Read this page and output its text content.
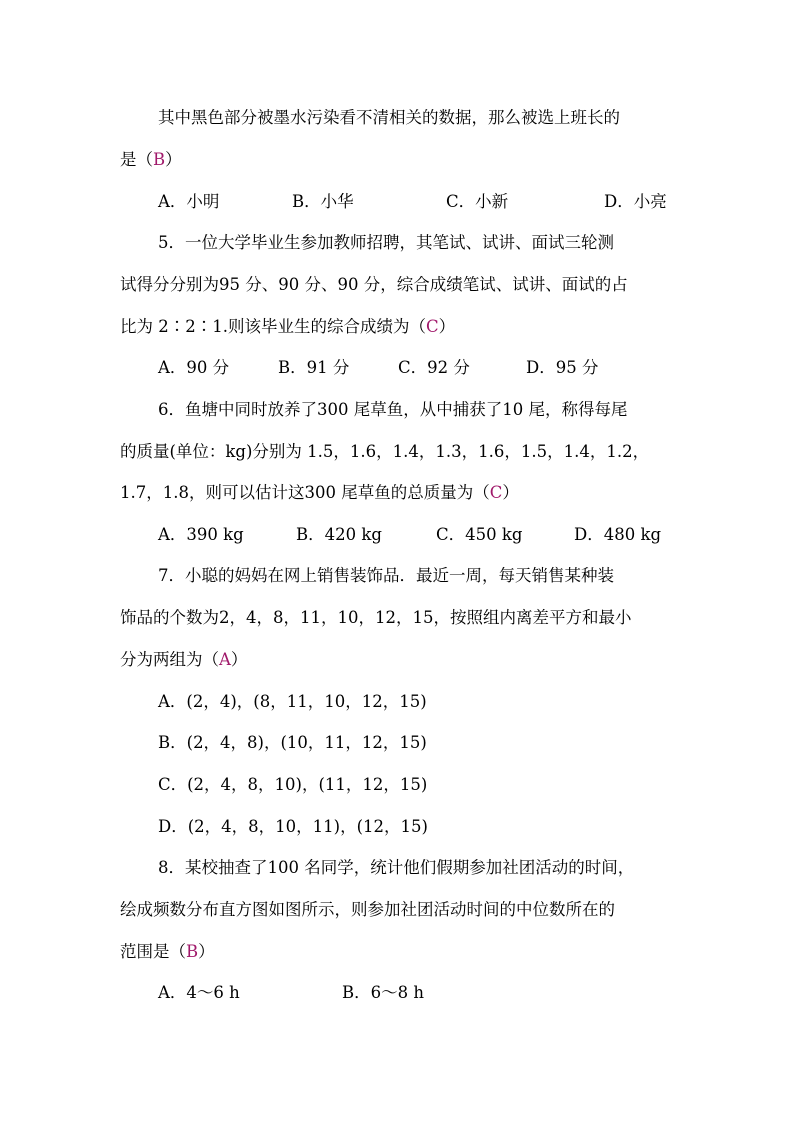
其中黑色部分被墨水污染看不清相关的数据，那么被选上班长的
是（B）
A．小明	B．小华	C．小新	D．小亮
5．一位大学毕业生参加教师招聘，其笔试、试讲、面试三轮测
试得分分别为95 分、90 分、90 分，综合成绩笔试、试讲、面试的占
比为 2∶2∶1.则该毕业生的综合成绩为（C）
A．90 分	B．91 分	C．92 分	D．95 分
6．鱼塘中同时放养了300 尾草鱼，从中捕获了10 尾，称得每尾
的质量(单位：kg)分别为 1.5，1.6，1.4，1.3，1.6，1.5，1.4，1.2，
1.7，1.8，则可以估计这300 尾草鱼的总质量为（C）
A．390 kg	B．420 kg	C．450 kg	D．480 kg
7．小聪的妈妈在网上销售装饰品．最近一周，每天销售某种装
饰品的个数为2，4，8，11，10，12，15，按照组内离差平方和最小
分为两组为（A）
A．(2，4)，(8，11，10，12，15)
B．(2，4，8)，(10，11，12，15)
C．(2，4，8，10)，(11，12，15)
D．(2，4，8，10，11)，(12，15)
8．某校抽查了100 名同学，统计他们假期参加社团活动的时间，
绘成频数分布直方图如图所示，则参加社团活动时间的中位数所在的
范围是（B）
A．4～6 h	B．6～8 h
